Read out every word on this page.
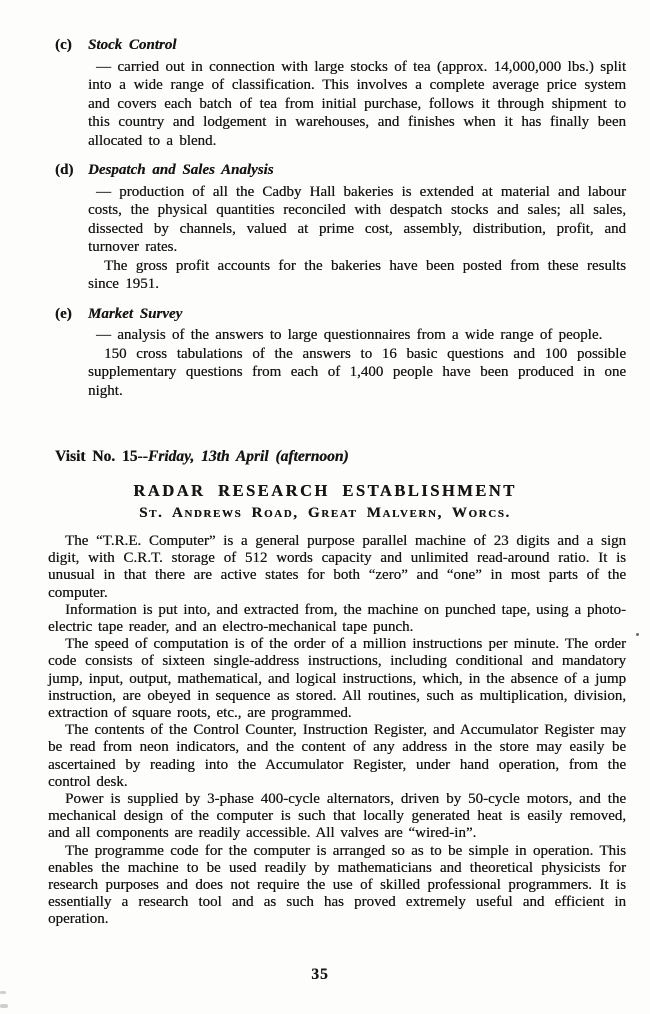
(c)	Stock Control

— carried out in connection with large stocks of tea (approx. 14,000,000 lbs.) split into a wide range of classification. This involves a complete average price system and covers each batch of tea from initial purchase, follows it through shipment to this country and lodgement in warehouses, and finishes when it has finally been allocated to a blend.

(d) Despatch and Sales Analysis

— production of all the Cadby Hall bakeries is extended at material and labour costs, the physical quantities reconciled with despatch stocks and sales; all sales, dissected by channels, valued at prime cost, assembly, distribution, profit, and turnover rates.

The gross profit accounts for the bakeries have been posted from these results since 1951.

(e)	Market Survey

— analysis of the answers to large questionnaires from a wide range of people.

150 cross tabulations of the answers to 16 basic questions and 100 possible supplementary questions from each of 1,400 people have been produced in one night.

Visit No. 15--Friday, 13th April (afternoon)
RADAR RESEARCH ESTABLISHMENT
St. Andrews Road, Great Malvern, Worcs.

The “T.R.E. Computer” is a general purpose parallel machine of 23 digits and a sign digit, with C.R.T. storage of 512 words capacity and unlimited read-around ratio. It is unusual in that there are active states for both “zero” and “one” in most parts of the computer.

Information is put into, and extracted from, the machine on punched tape, using a photo-electric tape reader, and an electro-mechanical tape punch.

The speed of computation is of the order of a million instructions per minute. The order code consists of sixteen single-address instructions, including conditional and mandatory jump, input, output, mathematical, and logical instructions, which, in the absence of a jump instruction, are obeyed in sequence as stored. All routines, such as multiplication, division, extraction of square roots, etc., are programmed.

The contents of the Control Counter, Instruction Register, and Accumulator Register may be read from neon indicators, and the content of any address in the store may easily be ascertained by reading into the Accumulator Register, under hand operation, from the control desk.

Power is supplied by 3-phase 400-cycle alternators, driven by 50-cycle motors, and the mechanical design of the computer is such that locally generated heat is easily removed, and all components are readily accessible. All valves are “wired-in”.

The programme code for the computer is arranged so as to be simple in operation. This enables the machine to be used readily by mathematicians and theoretical physicists for research purposes and does not require the use of skilled professional programmers. It is essentially a research tool and as such has proved extremely useful and efficient in operation.

35
